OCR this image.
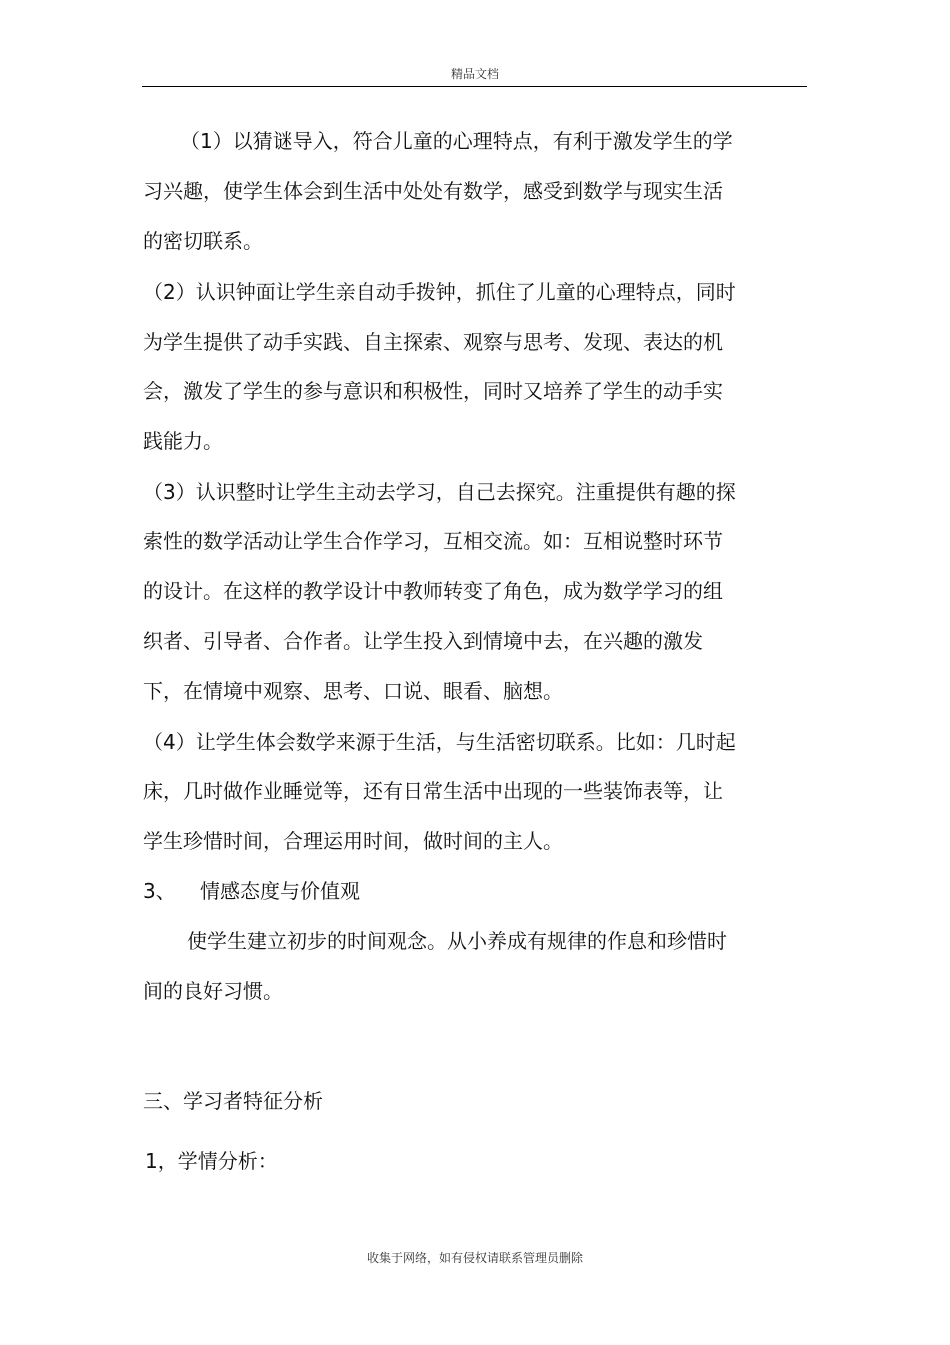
精品文档
（1）以猜谜导入，符合儿童的心理特点，有利于激发学生的学
习兴趣，使学生体会到生活中处处有数学，感受到数学与现实生活
的密切联系。
（2）认识钟面让学生亲自动手拨钟，抓住了儿童的心理特点，同时
为学生提供了动手实践、自主探索、观察与思考、发现、表达的机
会，激发了学生的参与意识和积极性，同时又培养了学生的动手实
践能力。
（3）认识整时让学生主动去学习，自己去探究。注重提供有趣的探
索性的数学活动让学生合作学习，互相交流。如：互相说整时环节
的设计。在这样的教学设计中教师转变了角色，成为数学学习的组
织者、引导者、合作者。让学生投入到情境中去，在兴趣的激发
下，在情境中观察、思考、口说、眼看、脑想。
（4）让学生体会数学来源于生活，与生活密切联系。比如：几时起
床，几时做作业睡觉等，还有日常生活中出现的一些装饰表等，让
学生珍惜时间，合理运用时间，做时间的主人。
3、 情感态度与价值观
使学生建立初步的时间观念。从小养成有规律的作息和珍惜时
间的良好习惯。
三、学习者特征分析
1，学情分析：
收集于网络，如有侵权请联系管理员删除
